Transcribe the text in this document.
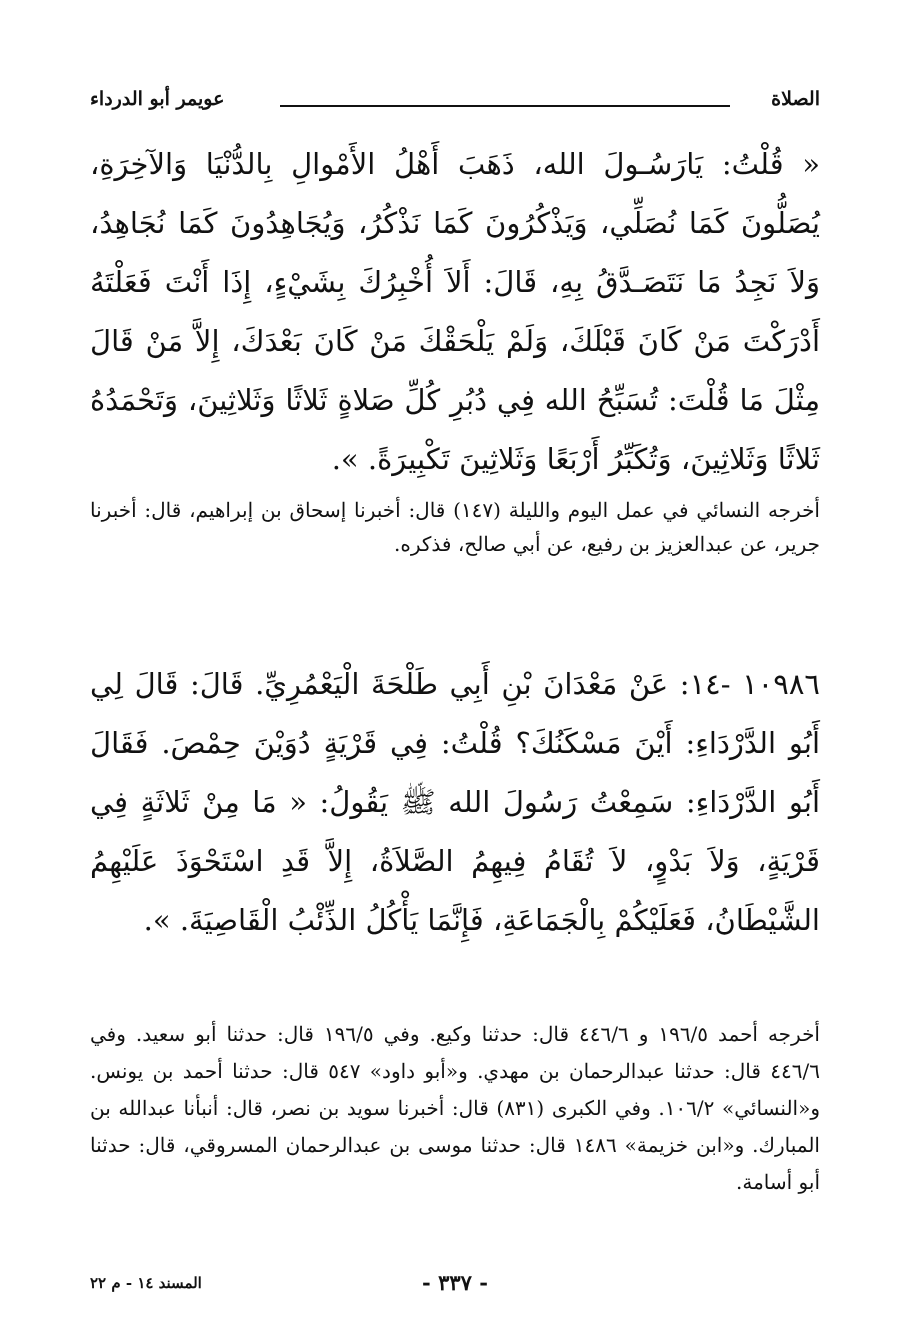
الصلاة
عويمر أبو الدرداء

« قُلْتُ: يَارَسُـولَ الله، ذَهَبَ أَهْلُ الأَمْوالِ بِالدُّنْيَا وَالآخِرَةِ، يُصَلُّونَ كَمَا نُصَلِّي، وَيَذْكُرُونَ كَمَا نَذْكُرُ، وَيُجَاهِدُونَ كَمَا نُجَاهِدُ، وَلاَ نَجِدُ مَا نَتَصَـدَّقُ بِهِ، قَالَ: أَلاَ أُخْبِرُكَ بِشَيْءٍ، إِذَا أَنْتَ فَعَلْتَهُ أَدْرَكْتَ مَنْ كَانَ قَبْلَكَ، وَلَمْ يَلْحَقْكَ مَنْ كَانَ بَعْدَكَ، إِلاَّ مَنْ قَالَ مِثْلَ مَا قُلْتَ: تُسَبِّحُ الله فِي دُبُرِ كُلِّ صَلاةٍ ثَلاثًا وَثَلاثِينَ، وَتَحْمَدُهُ ثَلاثًا وَثَلاثِينَ، وَتُكَبِّرُ أَرْبَعًا وَثَلاثِينَ تَكْبِيرَةً. ».

أخرجه النسائي في عمل اليوم والليلة (١٤٧) قال: أخبرنا إسحاق بن إبراهيم، قال: أخبرنا جرير، عن عبدالعزيز بن رفيع، عن أبي صالح، فذكره.

١٠٩٨٦ -١٤: عَنْ مَعْدَانَ بْنِ أَبِي طَلْحَةَ الْيَعْمُرِيِّ. قَالَ: قَالَ لِي أَبُو الدَّرْدَاءِ: أَيْنَ مَسْكَنُكَ؟ قُلْتُ: فِي قَرْيَةٍ دُوَيْنَ حِمْصَ. فَقَالَ أَبُو الدَّرْدَاءِ: سَمِعْتُ رَسُولَ الله ﷺ يَقُولُ: « مَا مِنْ ثَلاثَةٍ فِي قَرْيَةٍ، وَلاَ بَدْوٍ، لاَ تُقَامُ فِيهِمُ الصَّلاَةُ، إِلاَّ قَدِ اسْتَحْوَذَ عَلَيْهِمُ الشَّيْطَانُ، فَعَلَيْكُمْ بِالْجَمَاعَةِ، فَإِنَّمَا يَأْكُلُ الذِّئْبُ الْقَاصِيَةَ. ».

أخرجه أحمد ١٩٦/٥ و ٤٤٦/٦ قال: حدثنا وكيع. وفي ١٩٦/٥ قال: حدثنا أبو سعيد. وفي ٤٤٦/٦ قال: حدثنا عبدالرحمان بن مهدي. و«أبو داود» ٥٤٧ قال: حدثنا أحمد بن يونس. و«النسائي» ١٠٦/٢. وفي الكبرى (٨٣١) قال: أخبرنا سويد بن نصر، قال: أنبأنا عبدالله بن المبارك. و«ابن خزيمة» ١٤٨٦ قال: حدثنا موسى بن عبدالرحمان المسروقي، قال: حدثنا أبو أسامة.

- ٣٣٧ -
المسند ١٤ - م ٢٢
